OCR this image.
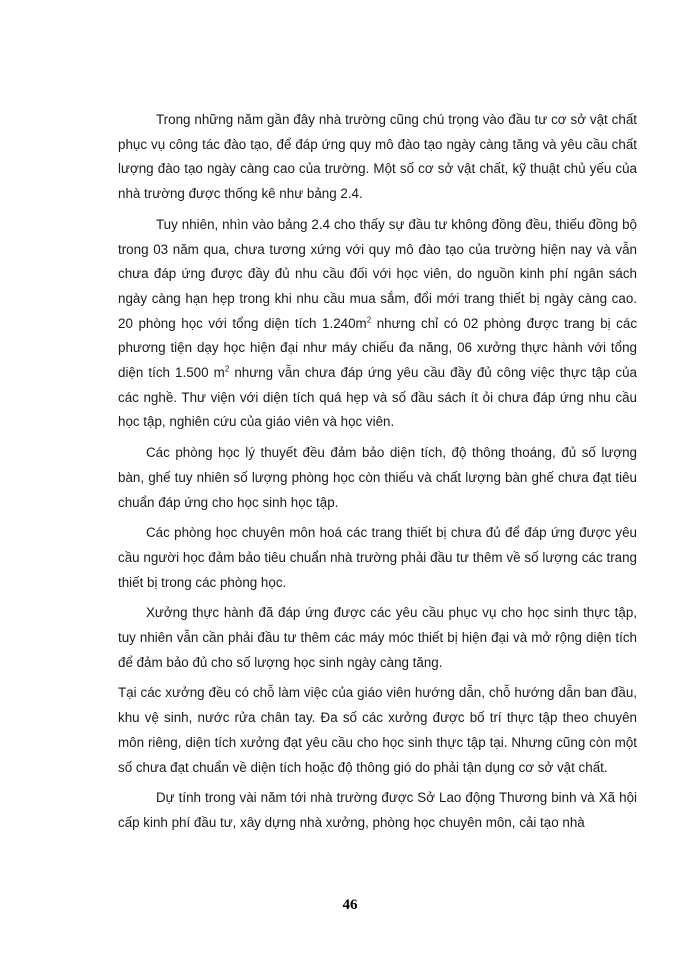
Trong những năm gần đây nhà trường cũng chú trọng vào đầu tư cơ sở vật chất phục vụ công tác đào tạo, để đáp ứng quy mô đào tạo ngày càng tăng và yêu cầu chất lượng đào tạo ngày càng cao của trường. Một số cơ sở vật chất, kỹ thuật chủ yếu của nhà trường được thống kê như bảng 2.4.

Tuy nhiên, nhìn vào bảng 2.4 cho thấy sự đầu tư không đồng đều, thiếu đồng bộ trong 03 năm qua, chưa tương xứng với quy mô đào tạo của trường hiện nay và vẫn chưa đáp ứng được đầy đủ nhu cầu đối với học viên, do nguồn kinh phí ngân sách ngày càng hạn hẹp trong khi nhu cầu mua sắm, đổi mới trang thiết bị ngày càng cao. 20 phòng học với tổng diện tích $1.240m^2$ nhưng chỉ có 02 phòng được trang bị các phương tiện dạy học hiện đại như máy chiếu đa năng, 06 xưởng thực hành với tổng diện tích 1.500 $m^2$ nhưng vẫn chưa đáp ứng yêu cầu đầy đủ công việc thực tập của các nghề. Thư viện với diện tích quá hẹp và số đầu sách ít ỏi chưa đáp ứng nhu cầu học tập, nghiên cứu của giáo viên và học viên.

Các phòng học lý thuyết đều đảm bảo diện tích, độ thông thoáng, đủ số lượng bàn, ghế tuy nhiên số lượng phòng học còn thiếu và chất lượng bàn ghế chưa đạt tiêu chuẩn đáp ứng cho học sinh học tập.

Các phòng học chuyên môn hoá các trang thiết bị chưa đủ để đáp ứng được yêu cầu người học đảm bảo tiêu chuẩn nhà trường phải đầu tư thêm về số lượng các trang thiết bị trong các phòng học.

Xưởng thực hành đã đáp ứng được các yêu cầu phục vụ cho học sinh thực tập, tuy nhiên vẫn cần phải đầu tư thêm các máy móc thiết bị hiện đại và mở rộng diện tích để đảm bảo đủ cho số lượng học sinh ngày càng tăng.

Tại các xưởng đều có chỗ làm việc của giáo viên hướng dẫn, chỗ hướng dẫn ban đầu, khu vệ sinh, nước rửa chân tay. Đa số các xưởng được bố trí thực tập theo chuyên môn riêng, diện tích xưởng đạt yêu cầu cho học sinh thực tập tại. Nhưng cũng còn một số chưa đạt chuẩn về diện tích hoặc độ thông gió do phải tận dụng cơ sở vật chất.

Dự tính trong vài năm tới nhà trường được Sở Lao động Thương binh và Xã hội cấp kinh phí đầu tư, xây dựng nhà xưởng, phòng học chuyên môn, cải tạo nhà

46
